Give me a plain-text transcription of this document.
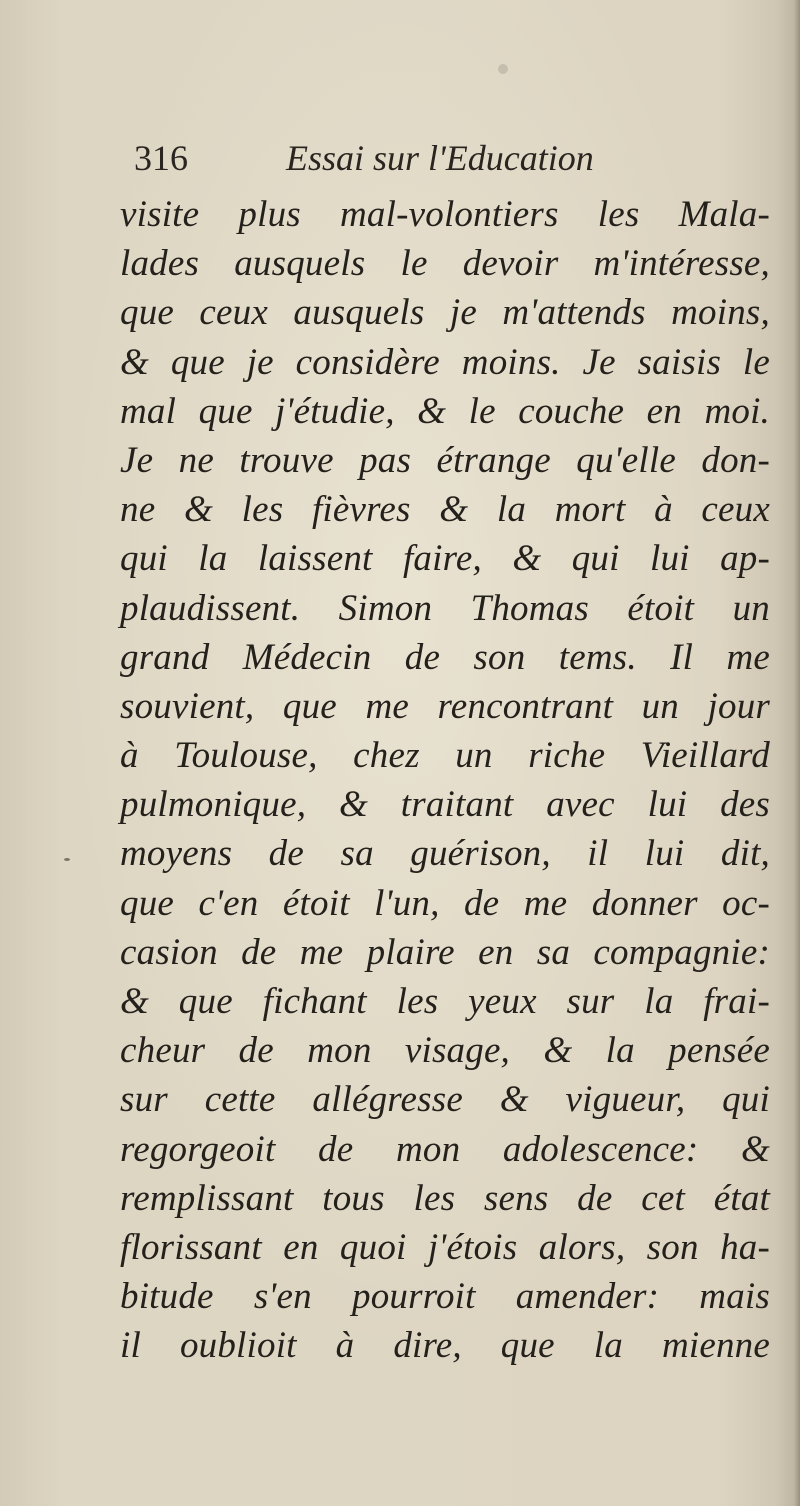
316	Essai sur l'Education
visite plus mal-volontiers les Mala-
lades ausquels le devoir m'intéresse,
que ceux ausquels je m'attends moins,
& que je considère moins. Je saisis le
mal que j'étudie, & le couche en moi.
Je ne trouve pas étrange qu'elle don-
ne & les fièvres & la mort à ceux
qui la laissent faire, & qui lui ap-
plaudissent. Simon Thomas étoit un
grand Médecin de son tems. Il me
souvient, que me rencontrant un jour
à Toulouse, chez un riche Vieillard
pulmonique, & traitant avec lui des
moyens de sa guérison, il lui dit,
que c'en étoit l'un, de me donner oc-
casion de me plaire en sa compagnie:
& que fichant les yeux sur la frai-
cheur de mon visage, & la pensée
sur cette allégresse & vigueur, qui
regorgeoit de mon adolescence: &
remplissant tous les sens de cet état
florissant en quoi j'étois alors, son ha-
bitude s'en pourroit amender: mais
il oublioit à dire, que la mienne
